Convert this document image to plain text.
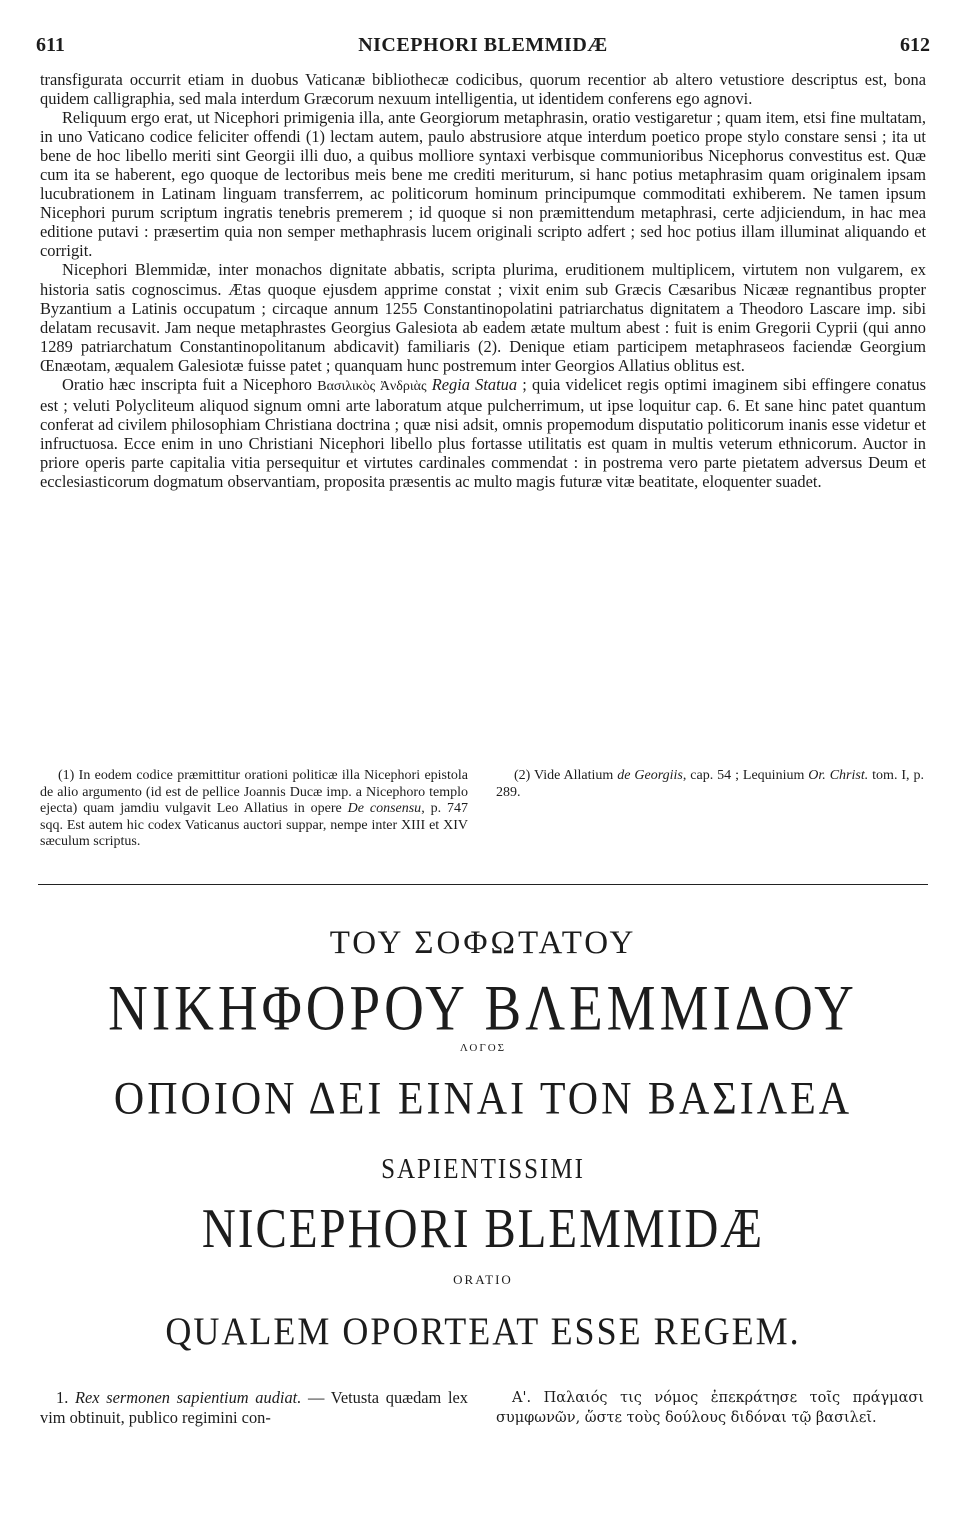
611	NICEPHORI BLEMMIDÆ	612

transfigurata occurrit etiam in duobus Vaticanæ bibliothecæ codicibus, quorum recentior ab altero vetustiore descriptus est, bona quidem calligraphia, sed mala interdum Græcorum nexuum intelligentia, ut identidem conferens ego agnovi.

Reliquum ergo erat, ut Nicephori primigenia illa, ante Georgiorum metaphrasin, oratio vestigaretur ; quam item, etsi fine multatam, in uno Vaticano codice feliciter offendi (1) lectam autem, paulo abstrusiore atque interdum poetico prope stylo constare sensi ; ita ut bene de hoc libello meriti sint Georgii illi duo, a quibus molliore syntaxi verbisque communioribus Nicephorus convestitus est. Quæ cum ita se haberent, ego quoque de lectoribus meis bene me crediti meriturum, si hanc potius metaphrasim quam originalem ipsam lucubrationem in Latinam linguam transferrem, ac politicorum hominum principumque commoditati exhiberem. Ne tamen ipsum Nicephori purum scriptum ingratis tenebris premerem ; id quoque si non præmittendum metaphrasi, certe adjiciendum, in hac mea editione putavi : præsertim quia non semper methaphrasis lucem originali scripto adfert ; sed hoc potius illam illuminat aliquando et corrigit.

Nicephori Blemmidæ, inter monachos dignitate abbatis, scripta plurima, eruditionem multiplicem, virtutem non vulgarem, ex historia satis cognoscimus. Ætas quoque ejusdem apprime constat ; vixit enim sub Græcis Cæsaribus Nicææ regnantibus propter Byzantium a Latinis occupatum ; circaque annum 1255 Constantinopolatini patriarchatus dignitatem a Theodoro Lascare imp. sibi delatam recusavit. Jam neque metaphrastes Georgius Galesiota ab eadem ætate multum abest : fuit is enim Gregorii Cyprii (qui anno 1289 patriarchatum Constantinopolitanum abdicavit) familiaris (2). Denique etiam participem metaphraseos faciendæ Georgium Œnæotam, æqualem Galesiotæ fuisse patet ; quanquam hunc postremum inter Georgios Allatius oblitus est.

Oratio hæc inscripta fuit a Nicephoro Βασιλικὸς Ἀνδριὰς Regia Statua ; quia videlicet regis optimi imaginem sibi effingere conatus est ; veluti Polycliteum aliquod signum omni arte laboratum atque pulcherrimum, ut ipse loquitur cap. 6. Et sane hinc patet quantum conferat ad civilem philosophiam Christiana doctrina ; quæ nisi adsit, omnis propemodum disputatio politicorum inanis esse videtur et infructuosa. Ecce enim in uno Christiani Nicephori libello plus fortasse utilitatis est quam in multis veterum ethnicorum. Auctor in priore operis parte capitalia vitia persequitur et virtutes cardinales commendat : in postrema vero parte pietatem adversus Deum et ecclesiasticorum dogmatum observantiam, proposita præsentis ac multo magis futuræ vitæ beatitate, eloquenter suadet.

(1) In eodem codice præmittitur orationi politicæ illa Nicephori epistola de alio argumento (id est de pellice Joannis Ducæ imp. a Nicephoro templo ejecta) quam jamdiu vulgavit Leo Allatius in opere De consensu, p. 747 sqq. Est autem hic codex Vaticanus auctori suppar, nempe inter XIII et XIV sæculum scriptus.

(2) Vide Allatium de Georgiis, cap. 54 ; Lequinium Or. Christ. tom. I, p. 289.

ΤΟΥ ΣΟΦΩΤΑΤΟΥ
ΝΙΚΗΦΟΡΟΥ ΒΛΕΜΜΙΔΟΥ
ΛΟΓΟΣ
ΟΠΟΙΟΝ ΔΕΙ ΕΙΝΑΙ ΤΟΝ ΒΑΣΙΛΕΑ
SAPIENTISSIMI
NICEPHORI BLEMMIDÆ
ORATIO
QUALEM OPORTEAT ESSE REGEM.

1. Rex sermonen sapientium audiat. — Vetusta quædam lex vim obtinuit, publico regimini con-

Α'. Παλαιός τις νόμος ἐπεκράτησε τοῖς πράγμασι συμφωνῶν, ὥστε τοὺς δούλους διδόναι τῷ βασιλεῖ.
